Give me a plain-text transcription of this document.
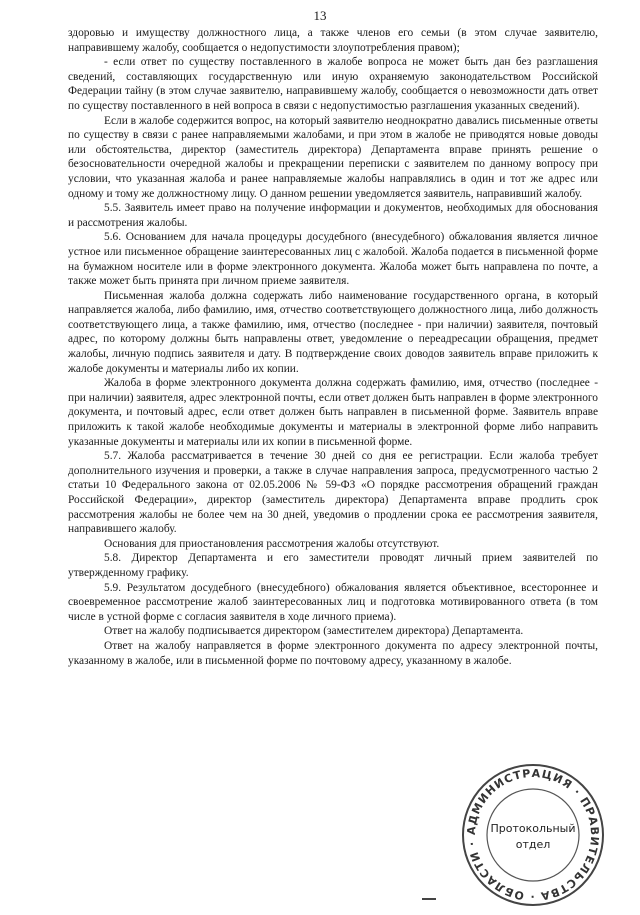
13

здоровью и имуществу должностного лица, а также членов его семьи (в этом случае заявителю, направившему жалобу, сообщается о недопустимости злоупотребления правом);

- если ответ по существу поставленного в жалобе вопроса не может быть дан без разглашения сведений, составляющих государственную или иную охраняемую законодательством Российской Федерации тайну (в этом случае заявителю, направившему жалобу, сообщается о невозможности дать ответ по существу поставленного в ней вопроса в связи с недопустимостью разглашения указанных сведений).

Если в жалобе содержится вопрос, на который заявителю неоднократно давались письменные ответы по существу в связи с ранее направляемыми жалобами, и при этом в жалобе не приводятся новые доводы или обстоятельства, директор (заместитель директора) Департамента вправе принять решение о безосновательности очередной жалобы и прекращении переписки с заявителем по данному вопросу при условии, что указанная жалоба и ранее направляемые жалобы направлялись в один и тот же адрес или одному и тому же должностному лицу. О данном решении уведомляется заявитель, направивший жалобу.

5.5. Заявитель имеет право на получение информации и документов, необходимых для обоснования и рассмотрения жалобы.

5.6. Основанием для начала процедуры досудебного (внесудебного) обжалования является личное устное или письменное обращение заинтересованных лиц с жалобой. Жалоба подается в письменной форме на бумажном носителе или в форме электронного документа. Жалоба может быть направлена по почте, а также может быть принята при личном приеме заявителя.

Письменная жалоба должна содержать либо наименование государственного органа, в который направляется жалоба, либо фамилию, имя, отчество соответствующего должностного лица, либо должность соответствующего лица, а также фамилию, имя, отчество (последнее - при наличии) заявителя, почтовый адрес, по которому должны быть направлены ответ, уведомление о переадресации обращения, предмет жалобы, личную подпись заявителя и дату. В подтверждение своих доводов заявитель вправе приложить к жалобе документы и материалы либо их копии.

Жалоба в форме электронного документа должна содержать фамилию, имя, отчество (последнее - при наличии) заявителя, адрес электронной почты, если ответ должен быть направлен в форме электронного документа, и почтовый адрес, если ответ должен быть направлен в письменной форме. Заявитель вправе приложить к такой жалобе необходимые документы и материалы в электронной форме либо направить указанные документы и материалы или их копии в письменной форме.

5.7. Жалоба рассматривается в течение 30 дней со дня ее регистрации. Если жалоба требует дополнительного изучения и проверки, а также в случае направления запроса, предусмотренного частью 2 статьи 10 Федерального закона от 02.05.2006 № 59-ФЗ «О порядке рассмотрения обращений граждан Российской Федерации», директор (заместитель директора) Департамента вправе продлить срок рассмотрения жалобы не более чем на 30 дней, уведомив о продлении срока ее рассмотрения заявителя, направившего жалобу.

Основания для приостановления рассмотрения жалобы отсутствуют.

5.8. Директор Департамента и его заместители проводят личный прием заявителей по утвержденному графику.

5.9. Результатом досудебного (внесудебного) обжалования является объективное, всестороннее и своевременное рассмотрение жалоб заинтересованных лиц и подготовка мотивированного ответа (в том числе в устной форме с согласия заявителя в ходе личного приема).

Ответ на жалобу подписывается директором (заместителем директора) Департамента.

Ответ на жалобу направляется в форме электронного документа по адресу электронной почты, указанному в жалобе, или в письменной форме по почтовому адресу, указанному в жалобе.

АДМИНИСТРАЦИЯ · ПРАВИТЕЛЬСТВА · ОБЛАСТИ ·
Протокольный
отдел
